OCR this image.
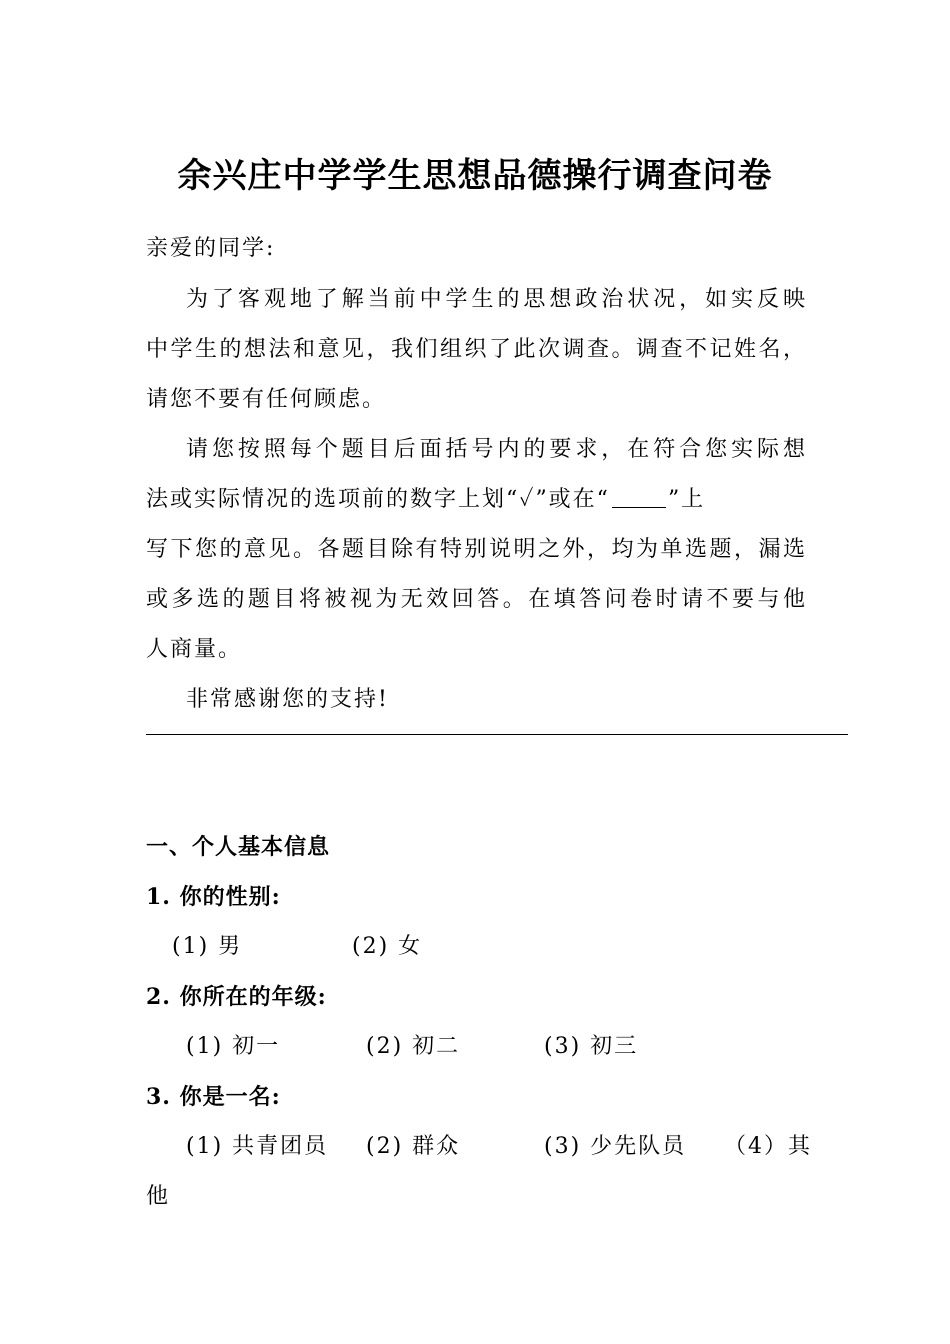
余兴庄中学学生思想品德操行调查问卷
亲爱的同学:
为了客观地了解当前中学生的思想政治状况，如实反映
中学生的想法和意见，我们组织了此次调查。调查不记姓名，
请您不要有任何顾虑。
请您按照每个题目后面括号内的要求，在符合您实际想
法或实际情况的选项前的数字上划“✓”或在“	”上
写下您的意见。各题目除有特别说明之外，均为单选题，漏选
或多选的题目将被视为无效回答。在填答问卷时请不要与他
人商量。
非常感谢您的支持!
一、个人基本信息
1. 你的性别:
(1) 男	(2) 女
2. 你所在的年级:
(1) 初一	(2) 初二	(3) 初三
3. 你是一名:
(1) 共青团员 (2) 群众	(3) 少先队员 （4）其
他
